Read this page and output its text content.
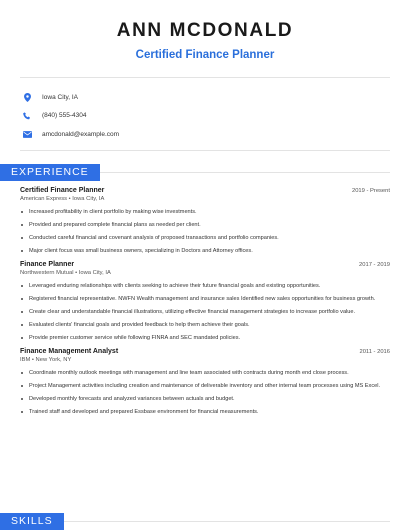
ANN MCDONALD
Certified Finance Planner
Iowa City, IA
(840) 555-4304
amcdonald@example.com
EXPERIENCE
Certified Finance Planner	2019 - Present
American Express • Iowa City, IA
Increased profitability in client portfolio by making wise investments.
Provided and prepared complete financial plans as needed per client.
Conducted careful financial and covenant analysis of proposed transactions and portfolio companies.
Major client focus was small business owners, specializing in Doctors and Attorney offices.
Finance Planner	2017 - 2019
Northwestern Mutual • Iowa City, IA
Leveraged enduring relationships with clients seeking to achieve their future financial goals and existing opportunities.
Registered financial representative. NWFN Wealth management and insurance sales Identified new sales opportunities for business growth.
Create clear and understandable financial illustrations, utilizing effective financial management strategies to increase portfolio value.
Evaluated clients' financial goals and provided feedback to help them achieve their goals.
Provide premier customer service while following FINRA and SEC mandated policies.
Finance Management Analyst	2011 - 2016
IBM • New York, NY
Coordinate monthly outlook meetings with management and line team associated with contracts during month end close process.
Project Management activities including creation and maintenance of deliverable inventory and other internal team processes using MS Excel.
Developed monthly forecasts and analyzed variances between actuals and budget.
Trained staff and developed and prepared Essbase environment for financial measurements.
SKILLS
